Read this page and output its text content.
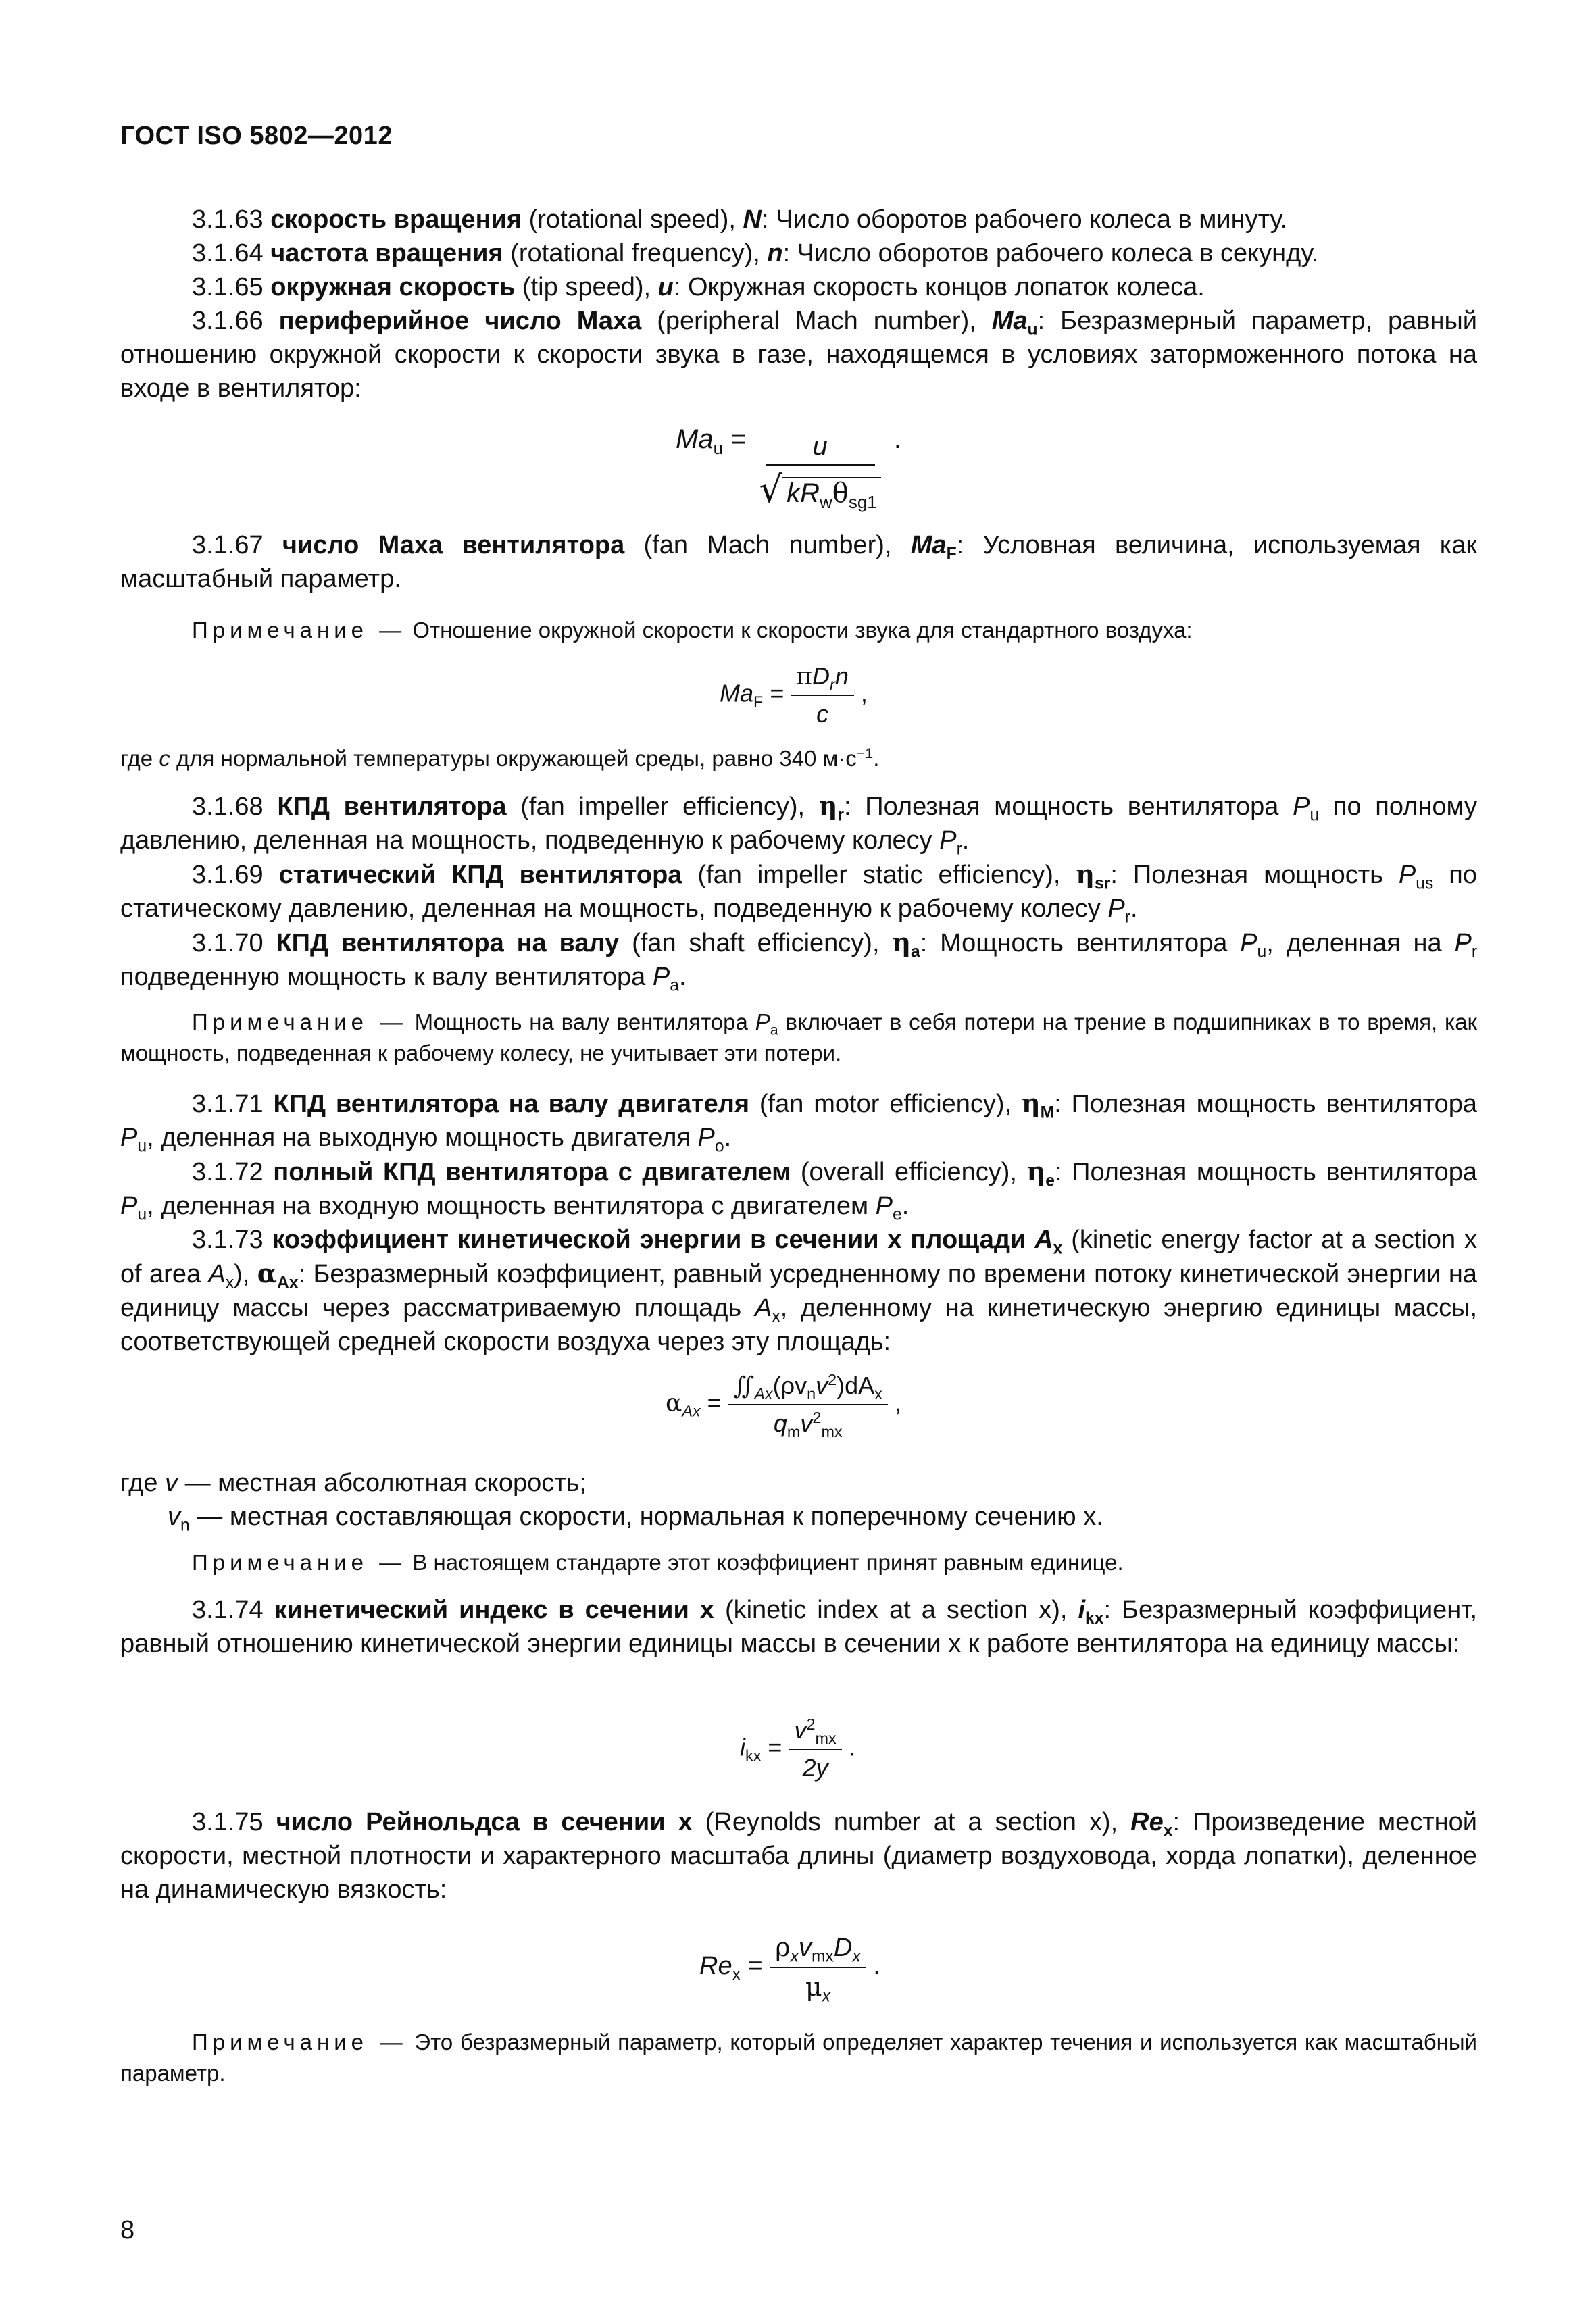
ГОСТ ISO 5802—2012

3.1.63 скорость вращения (rotational speed), N: Число оборотов рабочего колеса в минуту.

3.1.64 частота вращения (rotational frequency), n: Число оборотов рабочего колеса в секунду.

3.1.65 окружная скорость (tip speed), u: Окружная скорость концов лопаток колеса.

3.1.66 периферийное число Маха (peripheral Mach number), $Ma_u$: Безразмерный параметр, равный отношению окружной скорости к скорости звука в газе, находящемся в условиях заторможенного потока на входе в вентилятор:

$Ma_u = \frac{u}{√ kR_w\theta_{sg1}}$ .

3.1.67 число Маха вентилятора (fan Mach number), $Ma_F$: Условная величина, используемая как масштабный параметр.

Примечание — Отношение окружной скорости к скорости звука для стандартного воздуха:

$Ma_F = \frac{\pi D_rn}{c}$ ,

где c для нормальной температуры окружающей среды, равно 340 $м\cdot с^{-1}$.

3.1.68 КПД вентилятора (fan impeller efficiency), $\eta_r$: Полезная мощность вентилятора $P_u$ по полному давлению, деленная на мощность, подведенную к рабочему колесу $P_r$.

3.1.69 статический КПД вентилятора (fan impeller static efficiency), $\eta_{sr}$: Полезная мощность $P_{us}$ по статическому давлению, деленная на мощность, подведенную к рабочему колесу $P_r$.

3.1.70 КПД вентилятора на валу (fan shaft efficiency), $\eta_a$: Мощность вентилятора $P_u$, деленная на $P_r$ подведенную мощность к валу вентилятора $P_a$.

Примечание — Мощность на валу вентилятора $P_a$ включает в себя потери на трение в подшипниках в то время, как мощность, подведенная к рабочему колесу, не учитывает эти потери.

3.1.71 КПД вентилятора на валу двигателя (fan motor efficiency), $\eta_M$: Полезная мощность вентилятора $P_u$, деленная на выходную мощность двигателя $P_o$.

3.1.72 полный КПД вентилятора с двигателем (overall efficiency), $\eta_e$: Полезная мощность вентилятора $P_u$, деленная на входную мощность вентилятора с двигателем $P_e$.

3.1.73 коэффициент кинетической энергии в сечении x площади $A_x$ (kinetic energy factor at a section x of area $A_x$), $\alpha_{Ax}$: Безразмерный коэффициент, равный усредненному по времени потоку кинетической энергии на единицу массы через рассматриваемую площадь $A_x$, деленному на кинетическую энергию единицы массы, соответствующей средней скорости воздуха через эту площадь:

$\alpha_{Ax} = \frac{∬_{Ax}(\rho v_nv^2)dA_x}{q_mv^2_{mx}}$ ,

где v — местная абсолютная скорость;

$v_n$ — местная составляющая скорости, нормальная к поперечному сечению x.

Примечание — В настоящем стандарте этот коэффициент принят равным единице.

3.1.74 кинетический индекс в сечении x (kinetic index at a section x), $i_{kx}$: Безразмерный коэффициент, равный отношению кинетической энергии единицы массы в сечении x к работе вентилятора на единицу массы:

$i_{kx} = \frac{v^2_{mx}}{2y}$ .

3.1.75 число Рейнольдса в сечении x (Reynolds number at a section x), $Re_x$: Произведение местной скорости, местной плотности и характерного масштаба длины (диаметр воздуховода, хорда лопатки), деленное на динамическую вязкость:

$Re_x = \frac{\rho_xv_{mx}D_x}{\mu_x}$ .

Примечание — Это безразмерный параметр, который определяет характер течения и используется как масштабный параметр.

8
